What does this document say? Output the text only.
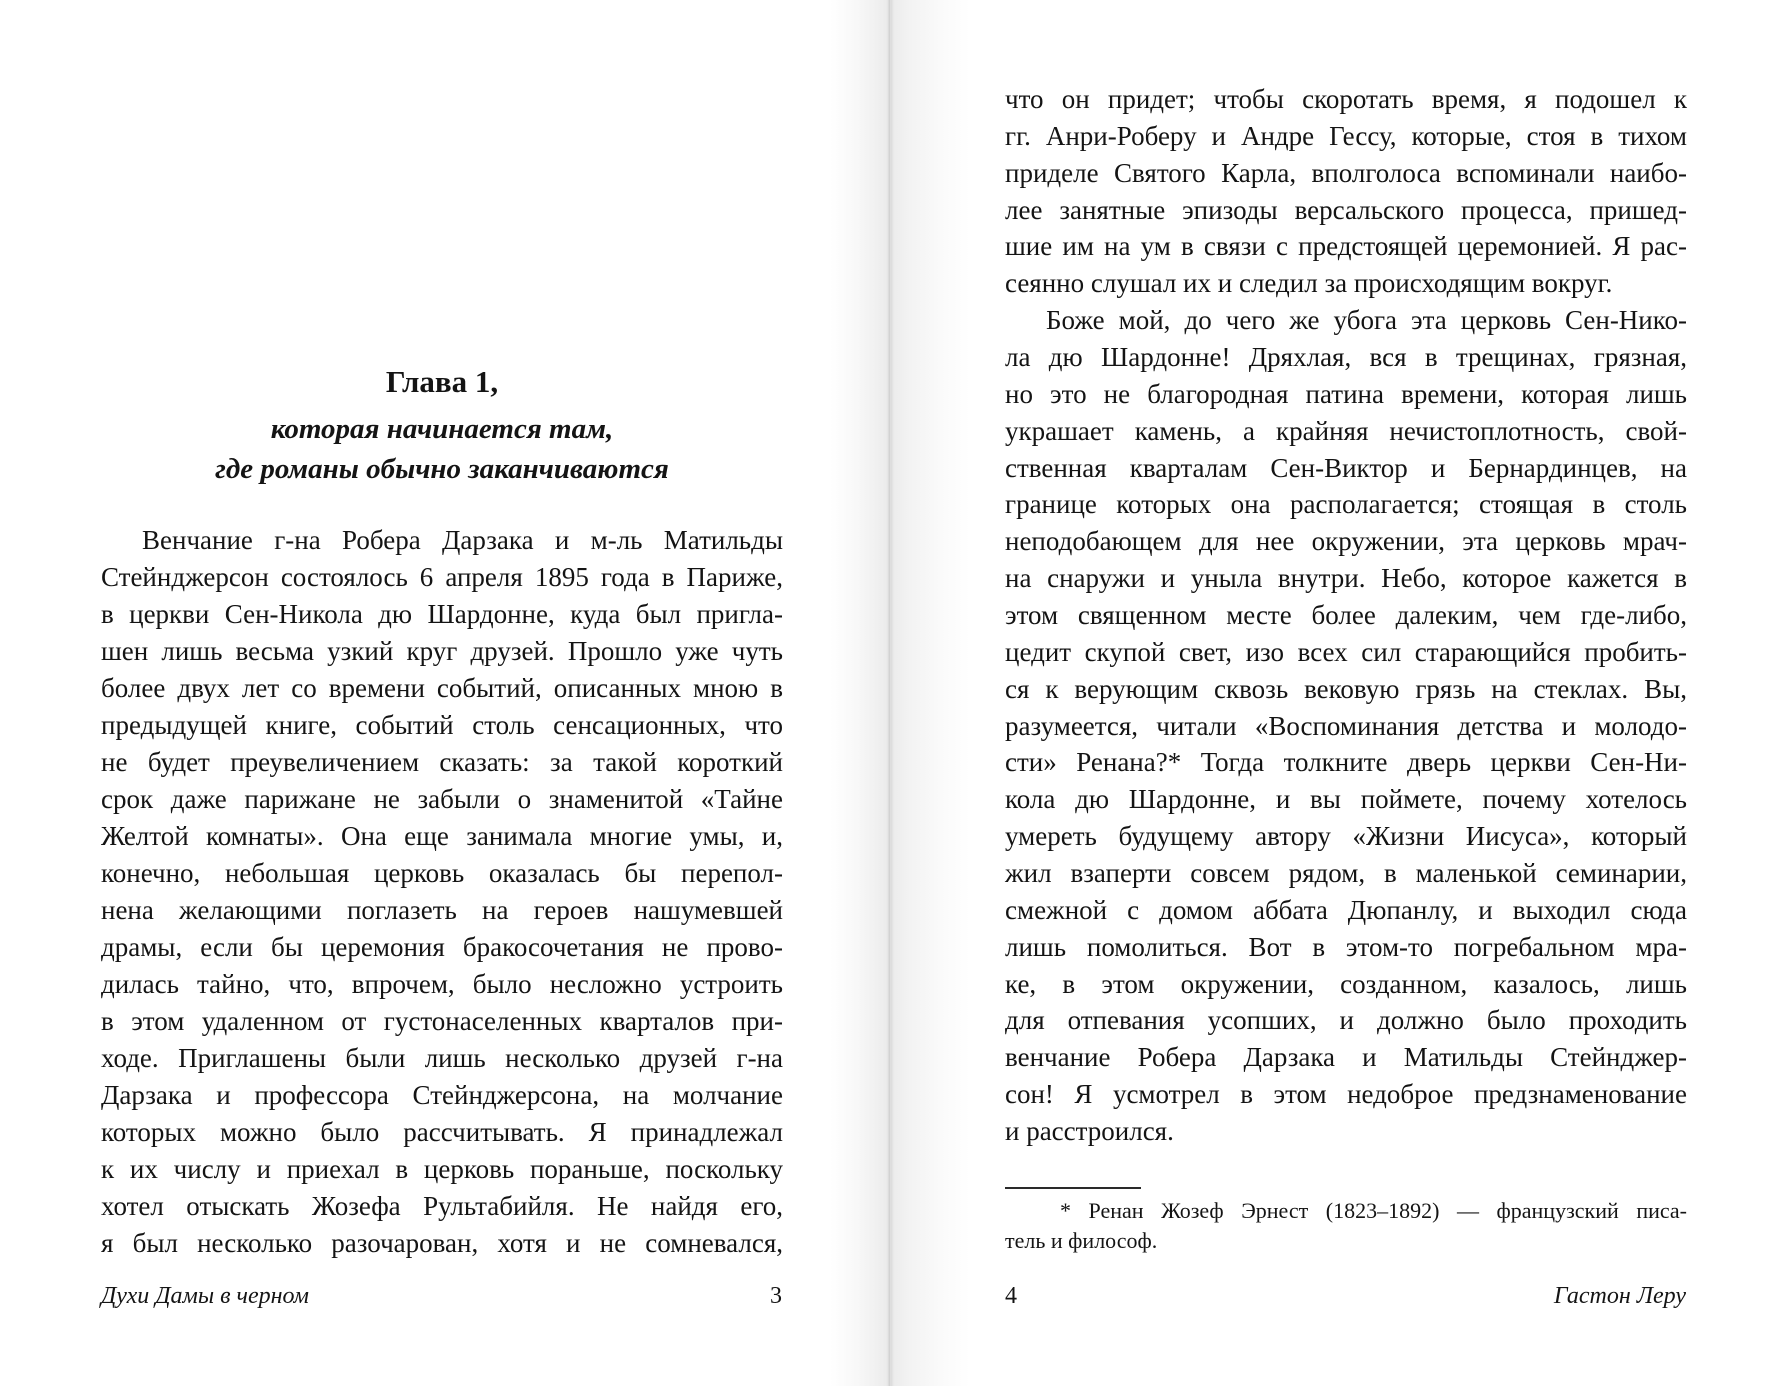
Глава 1,
которая начинается там,
где романы обычно заканчиваются
Венчание г-на Робера Дарзака и м-ль Матильды
Стейнджерсон состоялось 6 апреля 1895 года в Париже,
в церкви Сен-Никола дю Шардонне, куда был пригла-
шен лишь весьма узкий круг друзей. Прошло уже чуть
более двух лет со времени событий, описанных мною в
предыдущей книге, событий столь сенсационных, что
не будет преувеличением сказать: за такой короткий
срок даже парижане не забыли о знаменитой «Тайне
Желтой комнаты». Она еще занимала многие умы, и,
конечно, небольшая церковь оказалась бы перепол-
нена желающими поглазеть на героев нашумевшей
драмы, если бы церемония бракосочетания не прово-
дилась тайно, что, впрочем, было несложно устроить
в этом удаленном от густонаселенных кварталов при-
ходе. Приглашены были лишь несколько друзей г-на
Дарзака и профессора Стейнджерсона, на молчание
которых можно было рассчитывать. Я принадлежал
к их числу и приехал в церковь пораньше, поскольку
хотел отыскать Жозефа Рультабийля. Не найдя его,
я был несколько разочарован, хотя и не сомневался,
Духи Дамы в черном	3
что он придет; чтобы скоротать время, я подошел к
гг. Анри-Роберу и Андре Гессу, которые, стоя в тихом
приделе Святого Карла, вполголоса вспоминали наибо-
лее занятные эпизоды версальского процесса, пришед-
шие им на ум в связи с предстоящей церемонией. Я рас-
сеянно слушал их и следил за происходящим вокруг.
Боже мой, до чего же убога эта церковь Сен-Нико-
ла дю Шардонне! Дряхлая, вся в трещинах, грязная,
но это не благородная патина времени, которая лишь
украшает камень, а крайняя нечистоплотность, свой-
ственная кварталам Сен-Виктор и Бернардинцев, на
границе которых она располагается; стоящая в столь
неподобающем для нее окружении, эта церковь мрач-
на снаружи и уныла внутри. Небо, которое кажется в
этом священном месте более далеким, чем где-либо,
цедит скупой свет, изо всех сил старающийся пробить-
ся к верующим сквозь вековую грязь на стеклах. Вы,
разумеется, читали «Воспоминания детства и молодо-
сти» Ренана?* Тогда толкните дверь церкви Сен-Ни-
кола дю Шардонне, и вы поймете, почему хотелось
умереть будущему автору «Жизни Иисуса», который
жил взаперти совсем рядом, в маленькой семинарии,
смежной с домом аббата Дюпанлу, и выходил сюда
лишь помолиться. Вот в этом-то погребальном мра-
ке, в этом окружении, созданном, казалось, лишь
для отпевания усопших, и должно было проходить
венчание Робера Дарзака и Матильды Стейнджер-
сон! Я усмотрел в этом недоброе предзнаменование
и расстроился.
* Ренан Жозеф Эрнест (1823–1892) — французский писа-
тель и философ.
4	Гастон Леру
